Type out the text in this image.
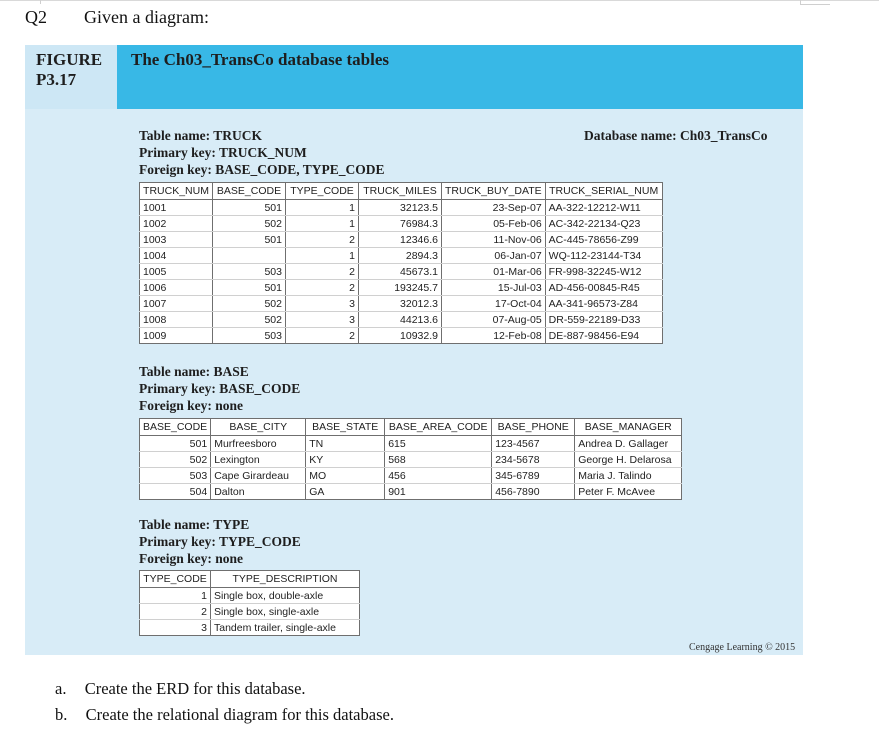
Q2 Given a diagram:
FIGURE
P3.17
The Ch03_TransCo database tables
Database name: Ch03_TransCo
Table name: TRUCK
Primary key: TRUCK_NUM
Foreign key: BASE_CODE, TYPE_CODE
TRUCK_NUM	BASE_CODE	TYPE_CODE	TRUCK_MILES	TRUCK_BUY_DATE	TRUCK_SERIAL_NUM
1001	501	1	32123.5	23-Sep-07	AA-322-12212-W11
1002	502	1	76984.3	05-Feb-06	AC-342-22134-Q23
1003	501	2	12346.6	11-Nov-06	AC-445-78656-Z99
1004		1	2894.3	06-Jan-07	WQ-112-23144-T34
1005	503	2	45673.1	01-Mar-06	FR-998-32245-W12
1006	501	2	193245.7	15-Jul-03	AD-456-00845-R45
1007	502	3	32012.3	17-Oct-04	AA-341-96573-Z84
1008	502	3	44213.6	07-Aug-05	DR-559-22189-D33
1009	503	2	10932.9	12-Feb-08	DE-887-98456-E94
Table name: BASE
Primary key: BASE_CODE
Foreign key: none
BASE_CODE	BASE_CITY	BASE_STATE	BASE_AREA_CODE	BASE_PHONE	BASE_MANAGER
501	Murfreesboro	TN	615	123-4567	Andrea D. Gallager
502	Lexington	KY	568	234-5678	George H. Delarosa
503	Cape Girardeau	MO	456	345-6789	Maria J. Talindo
504	Dalton	GA	901	456-7890	Peter F. McAvee
Table name: TYPE
Primary key: TYPE_CODE
Foreign key: none
TYPE_CODE	TYPE_DESCRIPTION
1	Single box, double-axle
2	Single box, single-axle
3	Tandem trailer, single-axle
Cengage Learning © 2015
a. Create the ERD for this database.
b. Create the relational diagram for this database.
